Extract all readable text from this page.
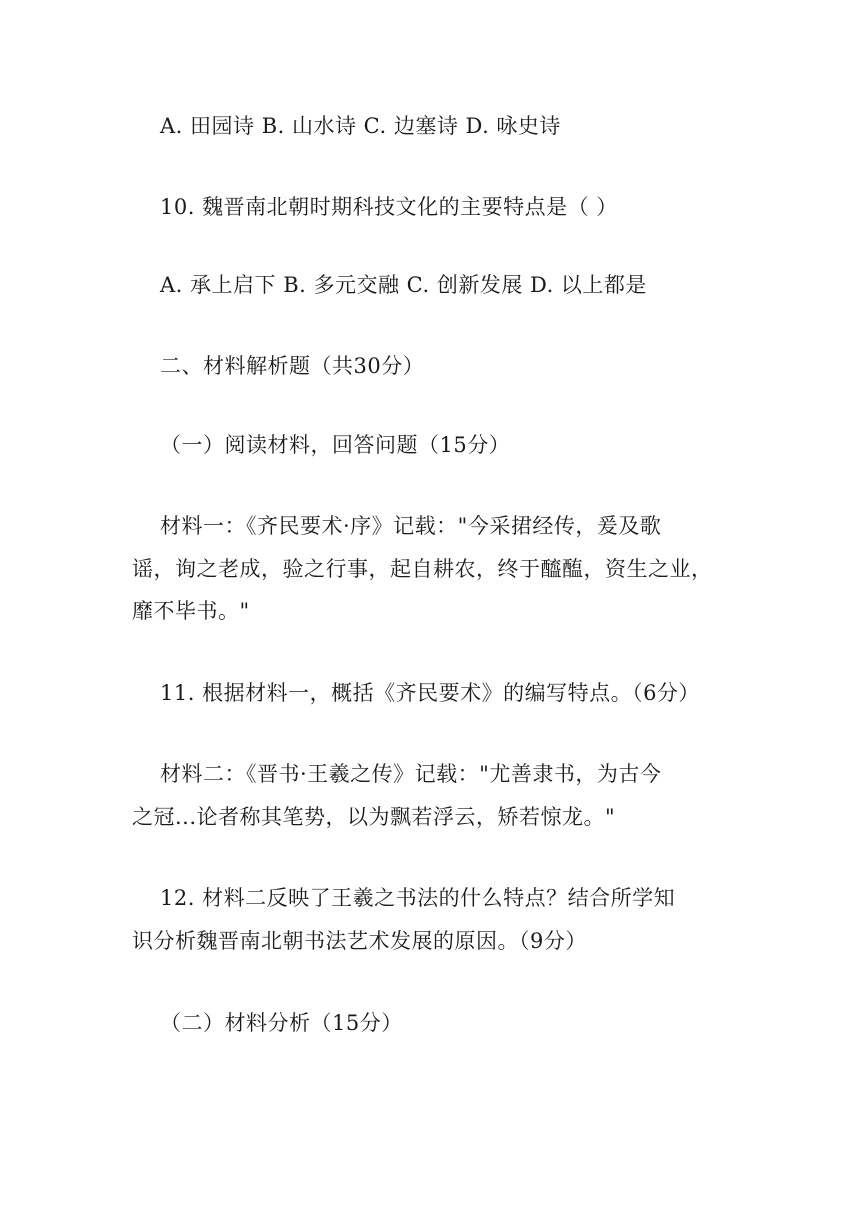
A. 田园诗 B. 山水诗 C. 边塞诗 D. 咏史诗
10. 魏晋南北朝时期科技文化的主要特点是（ ）
A. 承上启下 B. 多元交融 C. 创新发展 D. 以上都是
二、材料解析题（共30分）
（一）阅读材料，回答问题（15分）
材料一：《齐民要术·序》记载："今采捃经传，爰及歌
谣，询之老成，验之行事，起自耕农，终于醯醢，资生之业，
靡不毕书。"
11. 根据材料一，概括《齐民要术》的编写特点。（6分）
材料二：《晋书·王羲之传》记载："尤善隶书，为古今
之冠...论者称其笔势，以为飘若浮云，矫若惊龙。"
12. 材料二反映了王羲之书法的什么特点？结合所学知
识分析魏晋南北朝书法艺术发展的原因。（9分）
（二）材料分析（15分）
